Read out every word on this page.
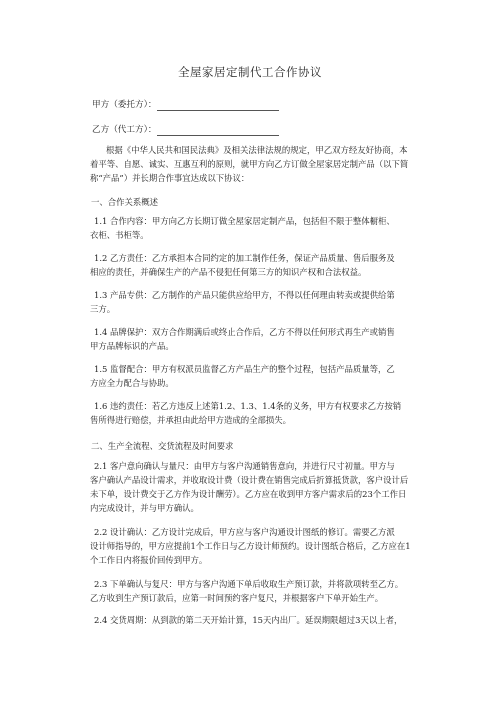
全屋家居定制代工合作协议
甲方（委托方）：
乙方（代工方）：
根据《中华人民共和国民法典》及相关法律法规的规定，甲乙双方经友好协商，本
着平等、自愿、诚实、互惠互利的原则，就甲方向乙方订做全屋家居定制产品（以下简
称“产品”）并长期合作事宜达成以下协议：
一、合作关系概述
1.1 合作内容：甲方向乙方长期订做全屋家居定制产品，包括但不限于整体橱柜、
衣柜、书柜等。
1.2 乙方责任：乙方承担本合同约定的加工制作任务，保证产品质量、售后服务及
相应的责任，并确保生产的产品不侵犯任何第三方的知识产权和合法权益。
1.3 产品专供：乙方制作的产品只能供应给甲方，不得以任何理由转卖或提供给第
三方。
1.4 品牌保护：双方合作期满后或终止合作后，乙方不得以任何形式再生产或销售
甲方品牌标识的产品。
1.5 监督配合：甲方有权派员监督乙方产品生产的整个过程，包括产品质量等，乙
方应全力配合与协助。
1.6 违约责任：若乙方违反上述第1.2、1.3、1.4条的义务，甲方有权要求乙方按销
售所得进行赔偿，并承担由此给甲方造成的全部损失。
二、生产全流程、交货流程及时间要求
2.1 客户意向确认与量尺：由甲方与客户沟通销售意向，并进行尺寸初量。甲方与
客户确认产品设计需求，并收取设计费（设计费在销售完成后折算抵货款，客户设计后
未下单，设计费交于乙方作为设计酬劳）。乙方应在收到甲方客户需求后的23个工作日
内完成设计，并与甲方确认。
2.2 设计确认：乙方设计完成后，甲方应与客户沟通设计图纸的修订。需要乙方派
设计师指导的，甲方应提前1个工作日与乙方设计师预约。设计图纸合格后，乙方应在1
个工作日内将报价回传到甲方。
2.3 下单确认与复尺：甲方与客户沟通下单后收取生产预订款，并将款项转至乙方。
乙方收到生产预订款后，应第一时间预约客户复尺，并根据客户下单开始生产。
2.4 交货周期：从到款的第二天开始计算，15天内出厂。延误期限超过3天以上者，
